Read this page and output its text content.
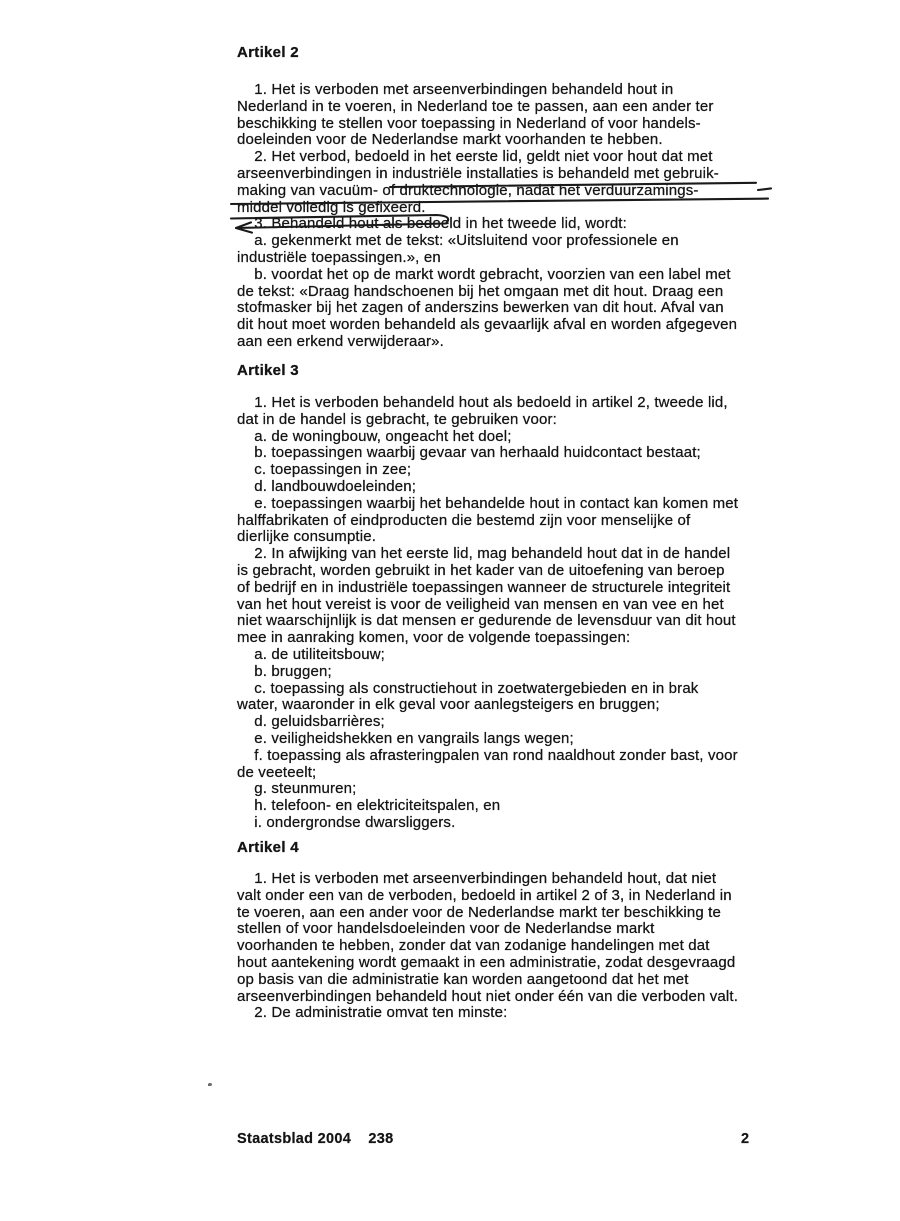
Artikel 2
1. Het is verboden met arseenverbindingen behandeld hout in
Nederland in te voeren, in Nederland toe te passen, aan een ander ter
beschikking te stellen voor toepassing in Nederland of voor handels-
doeleinden voor de Nederlandse markt voorhanden te hebben.
2. Het verbod, bedoeld in het eerste lid, geldt niet voor hout dat met
arseenverbindingen in industriële installaties is behandeld met gebruik-
making van vacuüm- of druktechnologie, nadat het verduurzamings-
middel volledig is gefixeerd.
3. Behandeld hout als bedoeld in het tweede lid, wordt:
a. gekenmerkt met de tekst: «Uitsluitend voor professionele en
industriële toepassingen.», en
b. voordat het op de markt wordt gebracht, voorzien van een label met
de tekst: «Draag handschoenen bij het omgaan met dit hout. Draag een
stofmasker bij het zagen of anderszins bewerken van dit hout. Afval van
dit hout moet worden behandeld als gevaarlijk afval en worden afgegeven
aan een erkend verwijderaar».
Artikel 3
1. Het is verboden behandeld hout als bedoeld in artikel 2, tweede lid,
dat in de handel is gebracht, te gebruiken voor:
a. de woningbouw, ongeacht het doel;
b. toepassingen waarbij gevaar van herhaald huidcontact bestaat;
c. toepassingen in zee;
d. landbouwdoeleinden;
e. toepassingen waarbij het behandelde hout in contact kan komen met
halffabrikaten of eindproducten die bestemd zijn voor menselijke of
dierlijke consumptie.
2. In afwijking van het eerste lid, mag behandeld hout dat in de handel
is gebracht, worden gebruikt in het kader van de uitoefening van beroep
of bedrijf en in industriële toepassingen wanneer de structurele integriteit
van het hout vereist is voor de veiligheid van mensen en van vee en het
niet waarschijnlijk is dat mensen er gedurende de levensduur van dit hout
mee in aanraking komen, voor de volgende toepassingen:
a. de utiliteitsbouw;
b. bruggen;
c. toepassing als constructiehout in zoetwatergebieden en in brak
water, waaronder in elk geval voor aanlegsteigers en bruggen;
d. geluidsbarrières;
e. veiligheidshekken en vangrails langs wegen;
f. toepassing als afrasteringpalen van rond naaldhout zonder bast, voor
de veeteelt;
g. steunmuren;
h. telefoon- en elektriciteitspalen, en
i. ondergrondse dwarsliggers.
Artikel 4
1. Het is verboden met arseenverbindingen behandeld hout, dat niet
valt onder een van de verboden, bedoeld in artikel 2 of 3, in Nederland in
te voeren, aan een ander voor de Nederlandse markt ter beschikking te
stellen of voor handelsdoeleinden voor de Nederlandse markt
voorhanden te hebben, zonder dat van zodanige handelingen met dat
hout aantekening wordt gemaakt in een administratie, zodat desgevraagd
op basis van die administratie kan worden aangetoond dat het met
arseenverbindingen behandeld hout niet onder één van die verboden valt.
2. De administratie omvat ten minste:
Staatsblad 2004    238	2
